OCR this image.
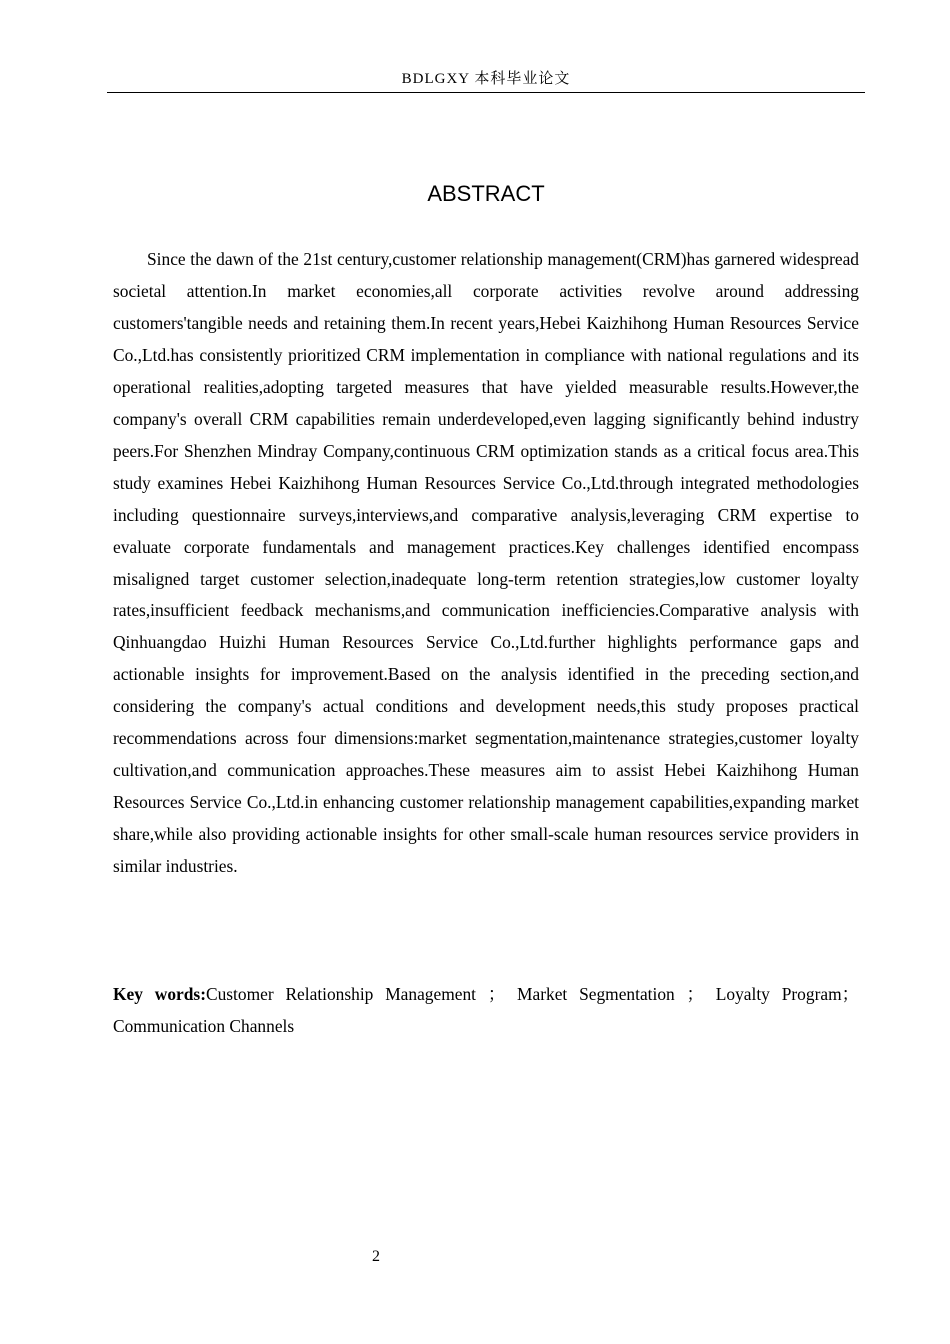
BDLGXY 本科毕业论文
ABSTRACT

Since the dawn of the 21st century,customer relationship management(CRM)has garnered widespread societal attention.In market economies,all corporate activities revolve around addressing customers'tangible needs and retaining them.In recent years,Hebei Kaizhihong Human Resources Service Co.,Ltd.has consistently prioritized CRM implementation in compliance with national regulations and its operational realities,adopting targeted measures that have yielded measurable results.However,the company's overall CRM capabilities remain underdeveloped,even lagging significantly behind industry peers.For Shenzhen Mindray Company,continuous CRM optimization stands as a critical focus area.This study examines Hebei Kaizhihong Human Resources Service Co.,Ltd.through integrated methodologies including questionnaire surveys,interviews,and comparative analysis,leveraging CRM expertise to evaluate corporate fundamentals and management practices.Key challenges identified encompass misaligned target customer selection,inadequate long-term retention strategies,low customer loyalty rates,insufficient feedback mechanisms,and communication inefficiencies.Comparative analysis with Qinhuangdao Huizhi Human Resources Service Co.,Ltd.further highlights performance gaps and actionable insights for improvement.Based on the analysis identified in the preceding section,and considering the company's actual conditions and development needs,this study proposes practical recommendations across four dimensions:market segmentation,maintenance strategies,customer loyalty cultivation,and communication approaches.These measures aim to assist Hebei Kaizhihong Human Resources Service Co.,Ltd.in enhancing customer relationship management capabilities,expanding market share,while also providing actionable insights for other small-scale human resources service providers in similar industries.

Key words:Customer Relationship Management ； Market Segmentation ； Loyalty Program；Communication Channels

2
